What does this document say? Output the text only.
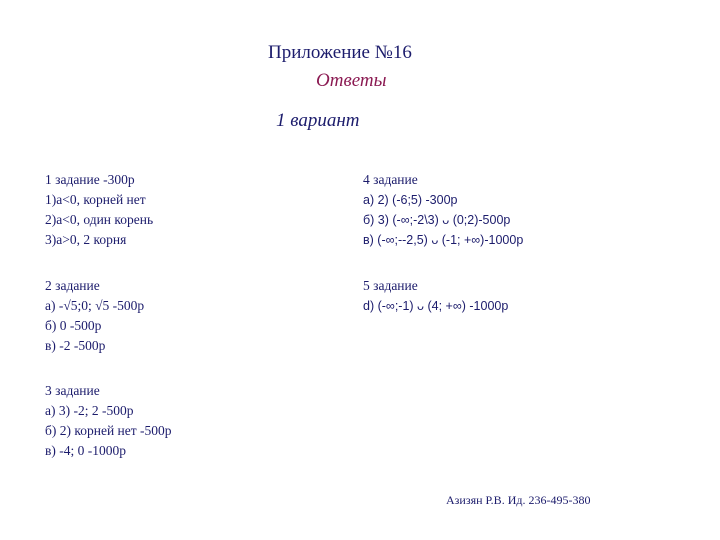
Приложение №16
Ответы
1 вариант
1 задание -300р
1)a<0, корней нет
2)a<0, один корень
3)a>0, 2 корня
2 задание
а) -√5;0; √5 -500р
б) 0 -500р
в) -2 -500р
3 задание
а) 3) -2; 2 -500р
б) 2) корней нет -500р
в) -4; 0 -1000р
4 задание
а) 2) (-6;5) -300р
б) 3) (-∞;-2\3) ᴗ (0;2)-500р
в) (-∞;--2,5) ᴗ (-1; +∞)-1000р
5 задание
d) (-∞;-1) ᴗ (4; +∞) -1000р
Азизян Р.В. Ид. 236-495-380
